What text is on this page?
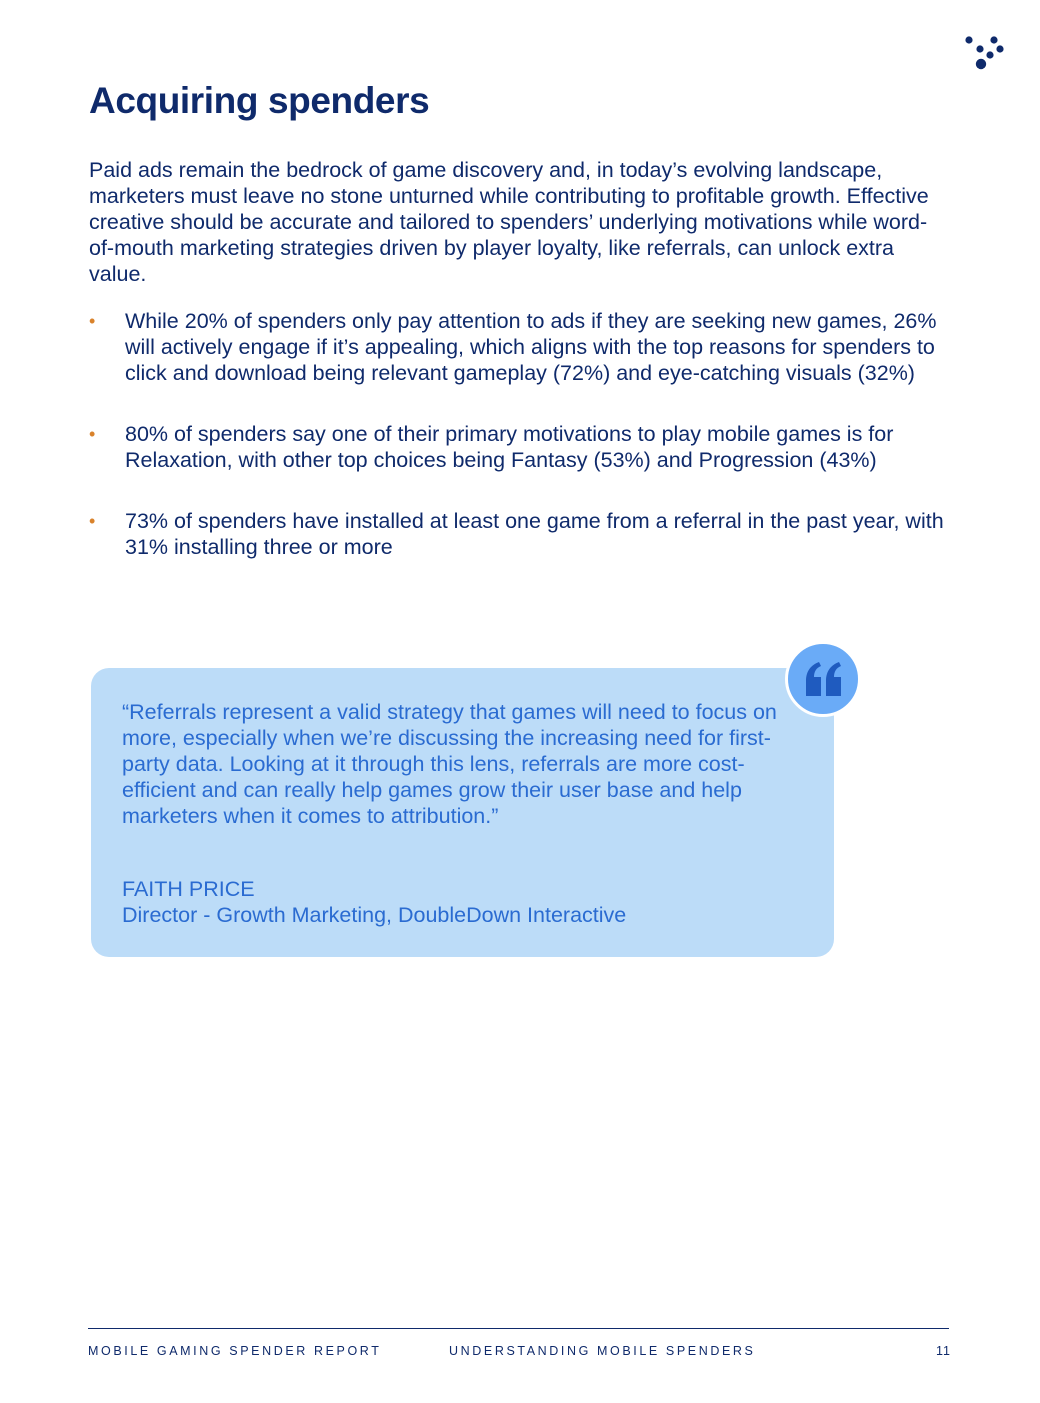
Acquiring spenders

Paid ads remain the bedrock of game discovery and, in today’s evolving landscape, marketers must leave no stone unturned while contributing to profitable growth. Effective creative should be accurate and tailored to spenders’ underlying motivations while word-of-mouth marketing strategies driven by player loyalty, like referrals, can unlock extra value.

• While 20% of spenders only pay attention to ads if they are seeking new games, 26% will actively engage if it’s appealing, which aligns with the top reasons for spenders to click and download being relevant gameplay (72%) and eye-catching visuals (32%)
• 80% of spenders say one of their primary motivations to play mobile games is for Relaxation, with other top choices being Fantasy (53%) and Progression (43%)
• 73% of spenders have installed at least one game from a referral in the past year, with 31% installing three or more

“Referrals represent a valid strategy that games will need to focus on more, especially when we’re discussing the increasing need for first-party data. Looking at it through this lens, referrals are more cost-efficient and can really help games grow their user base and help marketers when it comes to attribution.”

FAITH PRICE

Director - Growth Marketing, DoubleDown Interactive

MOBILE GAMING SPENDER REPORT	UNDERSTANDING MOBILE SPENDERS	11
